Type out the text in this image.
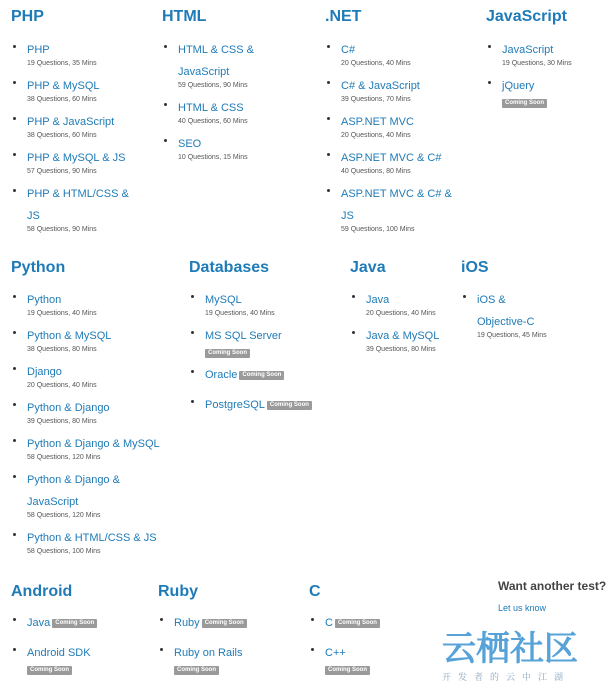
PHP
PHP
19 Questions, 35 Mins
PHP & MySQL
38 Questions, 60 Mins
PHP & JavaScript
38 Questions, 60 Mins
PHP & MySQL & JS
57 Questions, 90 Mins
PHP & HTML/CSS & JS
58 Questions, 90 Mins
HTML
HTML & CSS & JavaScript
59 Questions, 90 Mins
HTML & CSS
40 Questions, 60 Mins
SEO
10 Questions, 15 Mins
.NET
C#
20 Questions, 40 Mins
C# & JavaScript
39 Questions, 70 Mins
ASP.NET MVC
20 Questions, 40 Mins
ASP.NET MVC & C#
40 Questions, 80 Mins
ASP.NET MVC & C# & JS
59 Questions, 100 Mins
JavaScript
JavaScript
19 Questions, 30 Mins
jQuery
Coming Soon
Python
Python
19 Questions, 40 Mins
Python & MySQL
38 Questions, 80 Mins
Django
20 Questions, 40 Mins
Python & Django
39 Questions, 80 Mins
Python & Django & MySQL
58 Questions, 120 Mins
Python & Django & JavaScript
58 Questions, 120 Mins
Python & HTML/CSS & JS
58 Questions, 100 Mins
Databases
MySQL
19 Questions, 40 Mins
MS SQL Server
Coming Soon
Oracle Coming Soon
PostgreSQL Coming Soon
Java
Java
20 Questions, 40 Mins
Java & MySQL
39 Questions, 80 Mins
iOS
iOS & Objective-C
19 Questions, 45 Mins
Android
Java Coming Soon
Android SDK
Coming Soon
Ruby
Ruby Coming Soon
Ruby on Rails
Coming Soon
C
C Coming Soon
C++
Coming Soon
Want another test?
Let us know
云栖社区
开发者的云中江湖
